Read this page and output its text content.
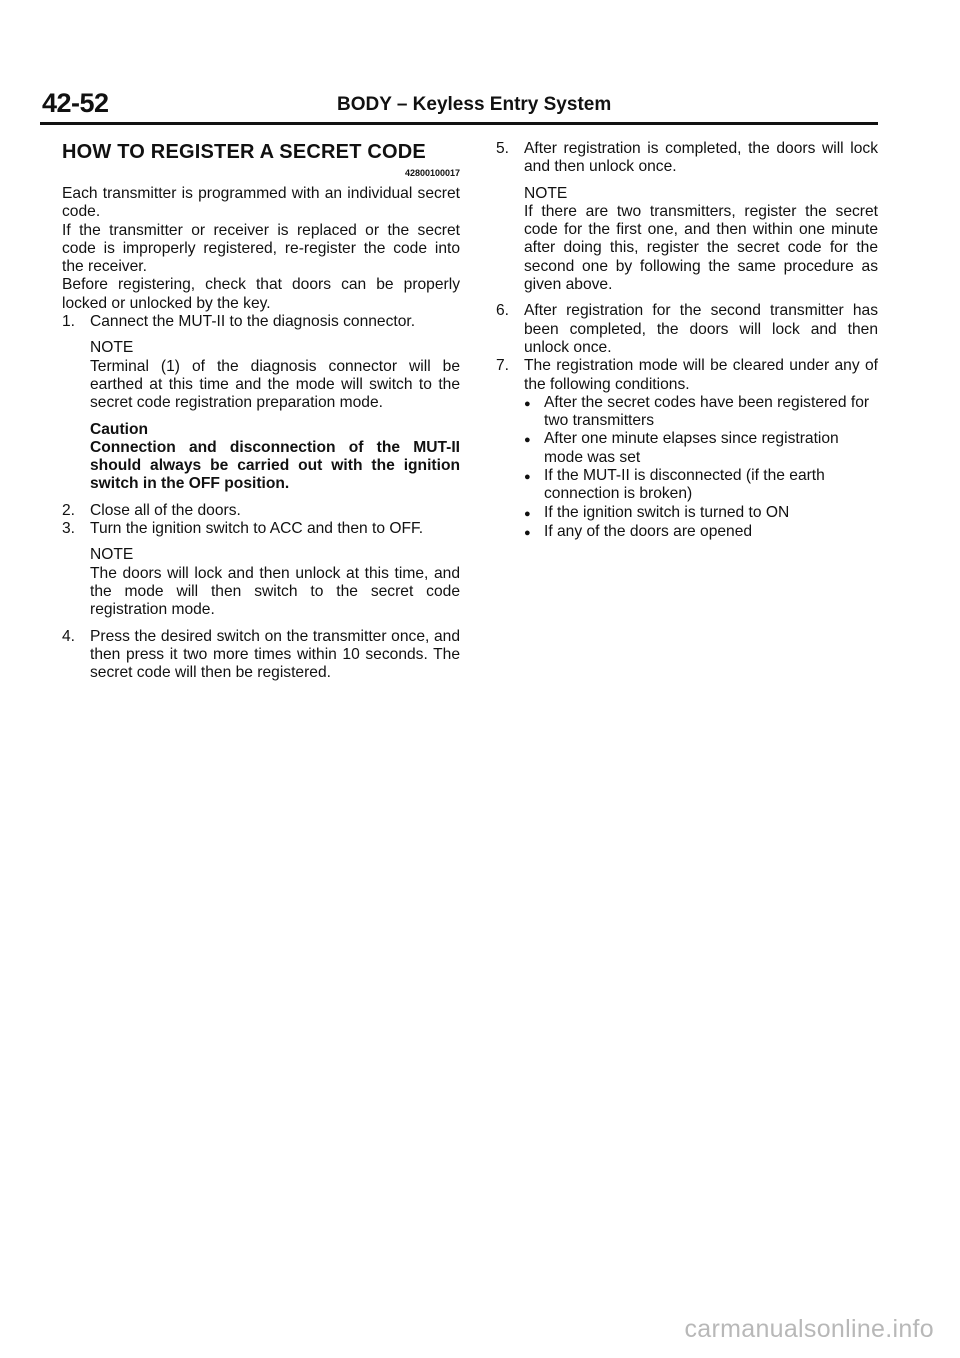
42-52	BODY – Keyless Entry System
HOW TO REGISTER A SECRET CODE
42800100017

Each transmitter is programmed with an individual secret code.

If the transmitter or receiver is replaced or the secret code is improperly registered, re-register the code into the receiver.

Before registering, check that doors can be properly locked or unlocked by the key.

1. Cannect the MUT-II to the diagnosis connector.
NOTE

Terminal (1) of the diagnosis connector will be earthed at this time and the mode will switch to the secret code registration preparation mode.

Caution

Connection and disconnection of the MUT-II should always be carried out with the ignition switch in the OFF position.

2. Close all of the doors.
3. Turn the ignition switch to ACC and then to OFF.
NOTE

The doors will lock and then unlock at this time, and the mode will then switch to the secret code registration mode.

4. Press the desired switch on the transmitter once, and then press it two more times within 10 seconds. The secret code will then be registered.
5. After registration is completed, the doors will lock and then unlock once.
NOTE

If there are two transmitters, register the secret code for the first one, and then within one minute after doing this, register the secret code for the second one by following the same procedure as given above.

6. After registration for the second transmitter has been completed, the doors will lock and then unlock once.
7. The registration mode will be cleared under any of the following conditions.
● After the secret codes have been registered for two transmitters
● After one minute elapses since registration mode was set
● If the MUT-II is disconnected (if the earth connection is broken)
● If the ignition switch is turned to ON
● If any of the doors are opened
carmanualsonline.info
